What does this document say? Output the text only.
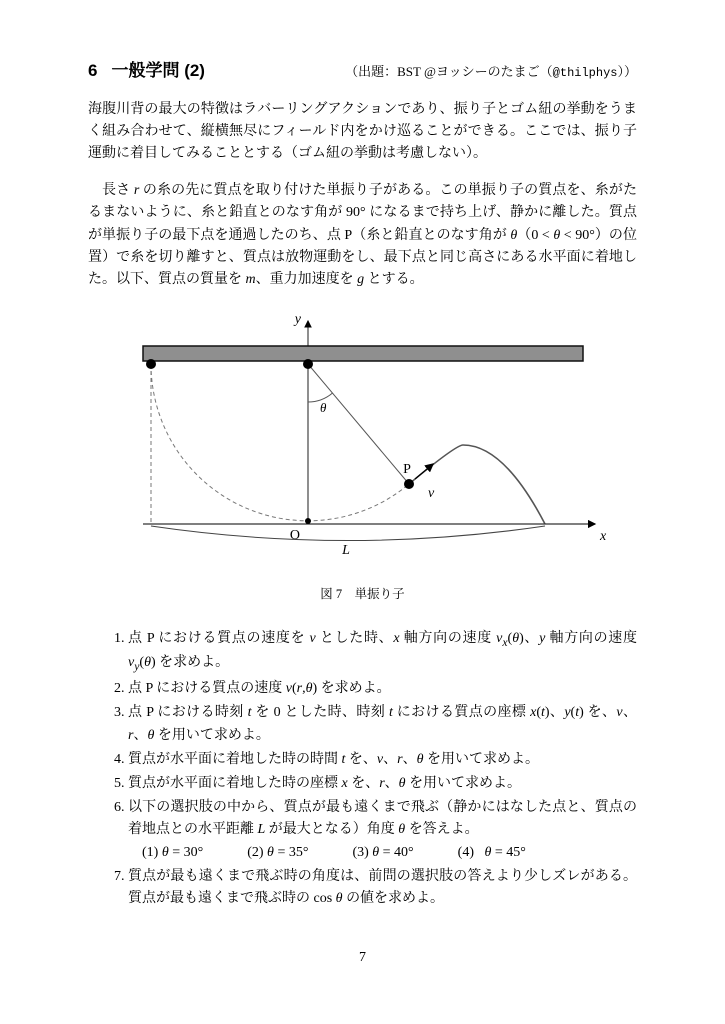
6 一般学問 (2)	（出題：BST @ヨッシーのたまご（@thilphys））

海腹川背の最大の特徴はラバーリングアクションであり、振り子とゴム紐の挙動をうまく組み合わせて、縦横無尽にフィールド内をかけ巡ることができる。ここでは、振り子運動に着目してみることとする（ゴム紐の挙動は考慮しない）。

長さ r の糸の先に質点を取り付けた単振り子がある。この単振り子の質点を、糸がたるまないように、糸と鉛直とのなす角が 90° になるまで持ち上げ、静かに離した。質点が単振り子の最下点を通過したのち、点 P（糸と鉛直とのなす角が θ（0 < θ < 90°）の位置）で糸を切り離すと、質点は放物運動をし、最下点と同じ高さにある水平面に着地した。以下、質点の質量を m、重力加速度を g とする。

θ
y
x
O
L
P
v
図 7　単振り子
1. 点 P における質点の速度を v とした時、x 軸方向の速度 $v_x(\theta)$、y 軸方向の速度 $v_y(\theta)$ を求めよ。
2. 点 P における質点の速度 v(r,θ) を求めよ。
3. 点 P における時刻 t を 0 とした時、時刻 t における質点の座標 x(t)、y(t) を、v、r、θ を用いて求めよ。
4. 質点が水平面に着地した時の時間 t を、v、r、θ を用いて求めよ。
5. 質点が水平面に着地した時の座標 x を、r、θ を用いて求めよ。
6. 以下の選択肢の中から、質点が最も遠くまで飛ぶ（静かにはなした点と、質点の着地点との水平距離 L が最大となる）角度 θ を答えよ。
(1) θ = 30°	(2) θ = 35°	(3) θ = 40°	(4)   θ = 45°
7. 質点が最も遠くまで飛ぶ時の角度は、前問の選択肢の答えより少しズレがある。質点が最も遠くまで飛ぶ時の cos θ の値を求めよ。
7
